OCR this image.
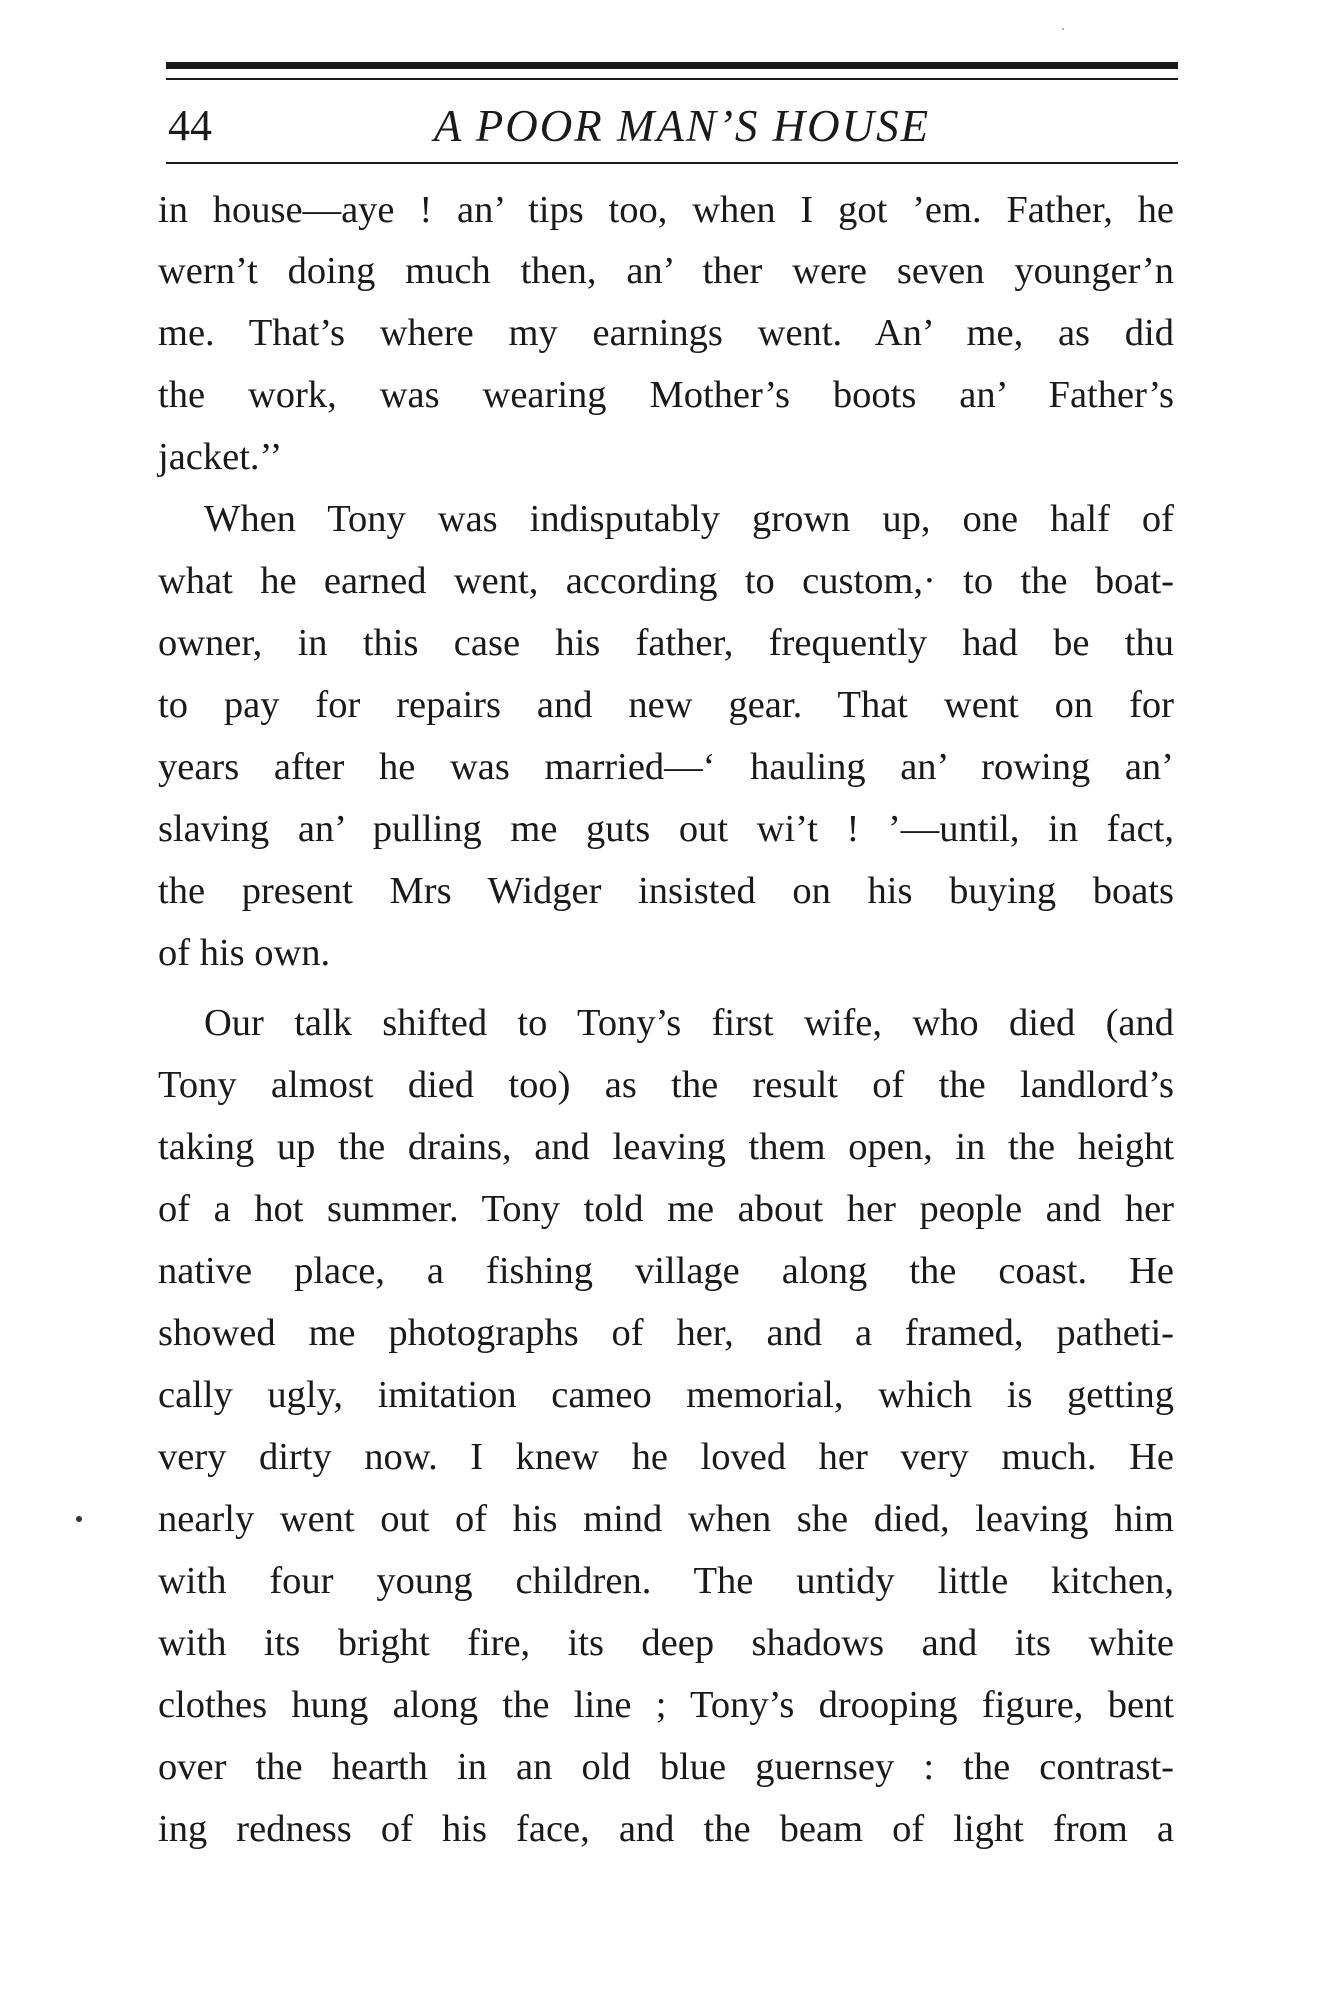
44	A POOR MAN’S HOUSE
in house—aye ! an’ tips too, when I got ’em. Father, he
wern’t doing much then, an’ ther were seven younger’n
me. That’s where my earnings went. An’ me, as did
the work, was wearing Mother’s boots an’ Father’s
jacket.’’
When Tony was indisputably grown up, one half of
what he earned went, according to custom,· to the boat-
owner, in this case his father, frequently had be thu
to pay for repairs and new gear. That went on for
years after he was married—‘ hauling an’ rowing an’
slaving an’ pulling me guts out wi’t ! ’—until, in fact,
the present Mrs Widger insisted on his buying boats
of his own.
Our talk shifted to Tony’s first wife, who died (and
Tony almost died too) as the result of the landlord’s
taking up the drains, and leaving them open, in the height
of a hot summer. Tony told me about her people and her
native place, a fishing village along the coast. He
showed me photographs of her, and a framed, patheti-
cally ugly, imitation cameo memorial, which is getting
very dirty now. I knew he loved her very much. He
nearly went out of his mind when she died, leaving him
with four young children. The untidy little kitchen,
with its bright fire, its deep shadows and its white
clothes hung along the line ; Tony’s drooping figure, bent
over the hearth in an old blue guernsey : the contrast-
ing redness of his face, and the beam of light from a
